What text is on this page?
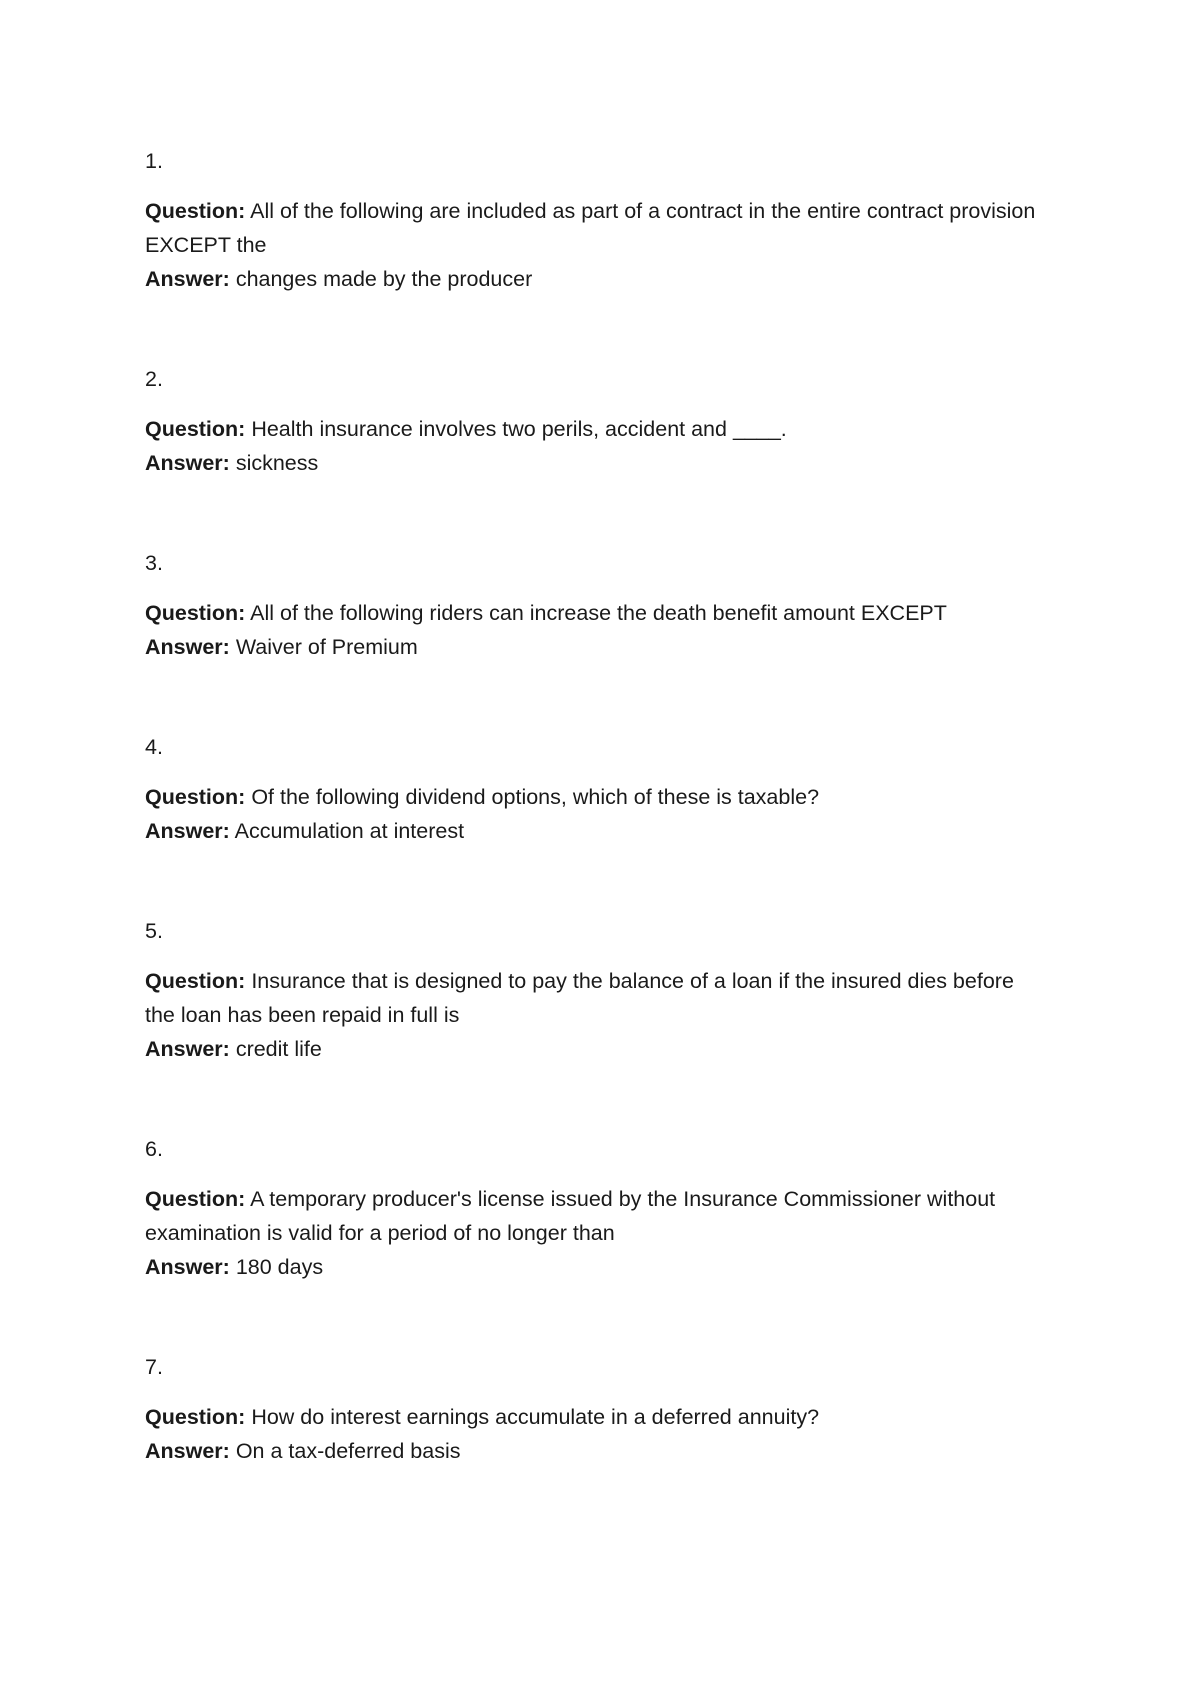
1.
Question: All of the following are included as part of a contract in the entire contract provision EXCEPT the
Answer: changes made by the producer
2.
Question: Health insurance involves two perils, accident and ____.
Answer: sickness
3.
Question: All of the following riders can increase the death benefit amount EXCEPT
Answer: Waiver of Premium
4.
Question: Of the following dividend options, which of these is taxable?
Answer: Accumulation at interest
5.
Question: Insurance that is designed to pay the balance of a loan if the insured dies before the loan has been repaid in full is
Answer: credit life
6.
Question: A temporary producer's license issued by the Insurance Commissioner without examination is valid for a period of no longer than
Answer: 180 days
7.
Question: How do interest earnings accumulate in a deferred annuity?
Answer: On a tax-deferred basis
